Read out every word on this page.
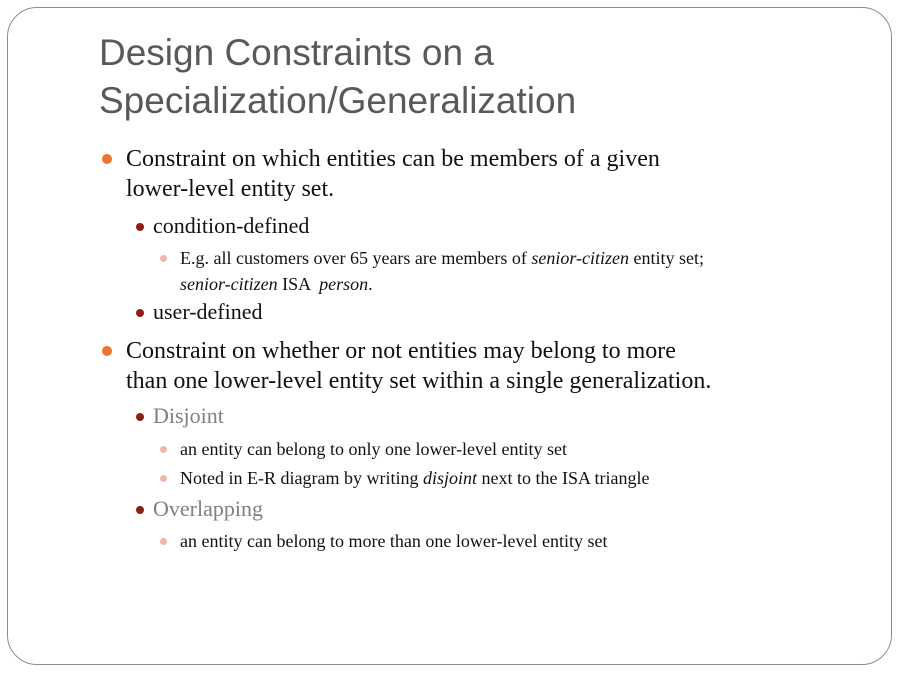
Design Constraints on a
Specialization/Generalization

Constraint on which entities can be members of a given
lower-level entity set.

condition-defined

E.g. all customers over 65 years are members of senior-citizen entity set;
senior-citizen ISA  person.

user-defined

Constraint on whether or not entities may belong to more
than one lower-level entity set within a single generalization.

Disjoint

an entity can belong to only one lower-level entity set

Noted in E-R diagram by writing disjoint next to the ISA triangle

Overlapping

an entity can belong to more than one lower-level entity set
